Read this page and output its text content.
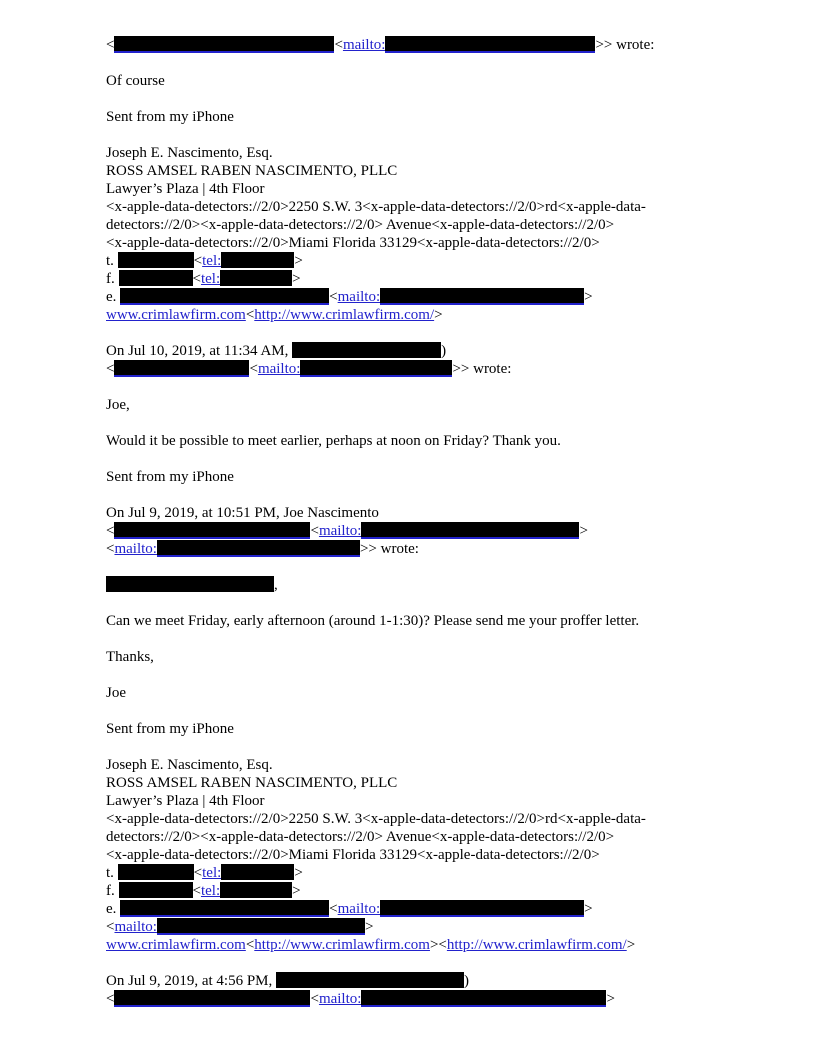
<	<mailto:	>> wrote:
Of course
Sent from my iPhone
Joseph E. Nascimento, Esq.
ROSS AMSEL RABEN NASCIMENTO, PLLC
Lawyer’s Plaza | 4th Floor
<x-apple-data-detectors://2/0>2250 S.W. 3<x-apple-data-detectors://2/0>rd<x-apple-data-
detectors://2/0><x-apple-data-detectors://2/0> Avenue<x-apple-data-detectors://2/0>
<x-apple-data-detectors://2/0>Miami Florida 33129<x-apple-data-detectors://2/0>
t.	<tel:	>
f.	<tel:	>
e.	<mailto:	>
www.crimlawfirm.com<http://www.crimlawfirm.com/>
On Jul 10, 2019, at 11:34 AM,	)
<	<mailto:	>> wrote:
Joe,
Would it be possible to meet earlier, perhaps at noon on Friday? Thank you.
Sent from my iPhone
On Jul 9, 2019, at 10:51 PM, Joe Nascimento
<	<mailto:	>
<mailto:	>> wrote:
,
Can we meet Friday, early afternoon (around 1-1:30)? Please send me your proffer letter.
Thanks,
Joe
Sent from my iPhone
Joseph E. Nascimento, Esq.
ROSS AMSEL RABEN NASCIMENTO, PLLC
Lawyer’s Plaza | 4th Floor
<x-apple-data-detectors://2/0>2250 S.W. 3<x-apple-data-detectors://2/0>rd<x-apple-data-
detectors://2/0><x-apple-data-detectors://2/0> Avenue<x-apple-data-detectors://2/0>
<x-apple-data-detectors://2/0>Miami Florida 33129<x-apple-data-detectors://2/0>
t.	<tel:	>
f.	<tel:	>
e.	<mailto:	>
<mailto:	>
www.crimlawfirm.com<http://www.crimlawfirm.com><http://www.crimlawfirm.com/>
On Jul 9, 2019, at 4:56 PM,	)
<	<mailto:	>
